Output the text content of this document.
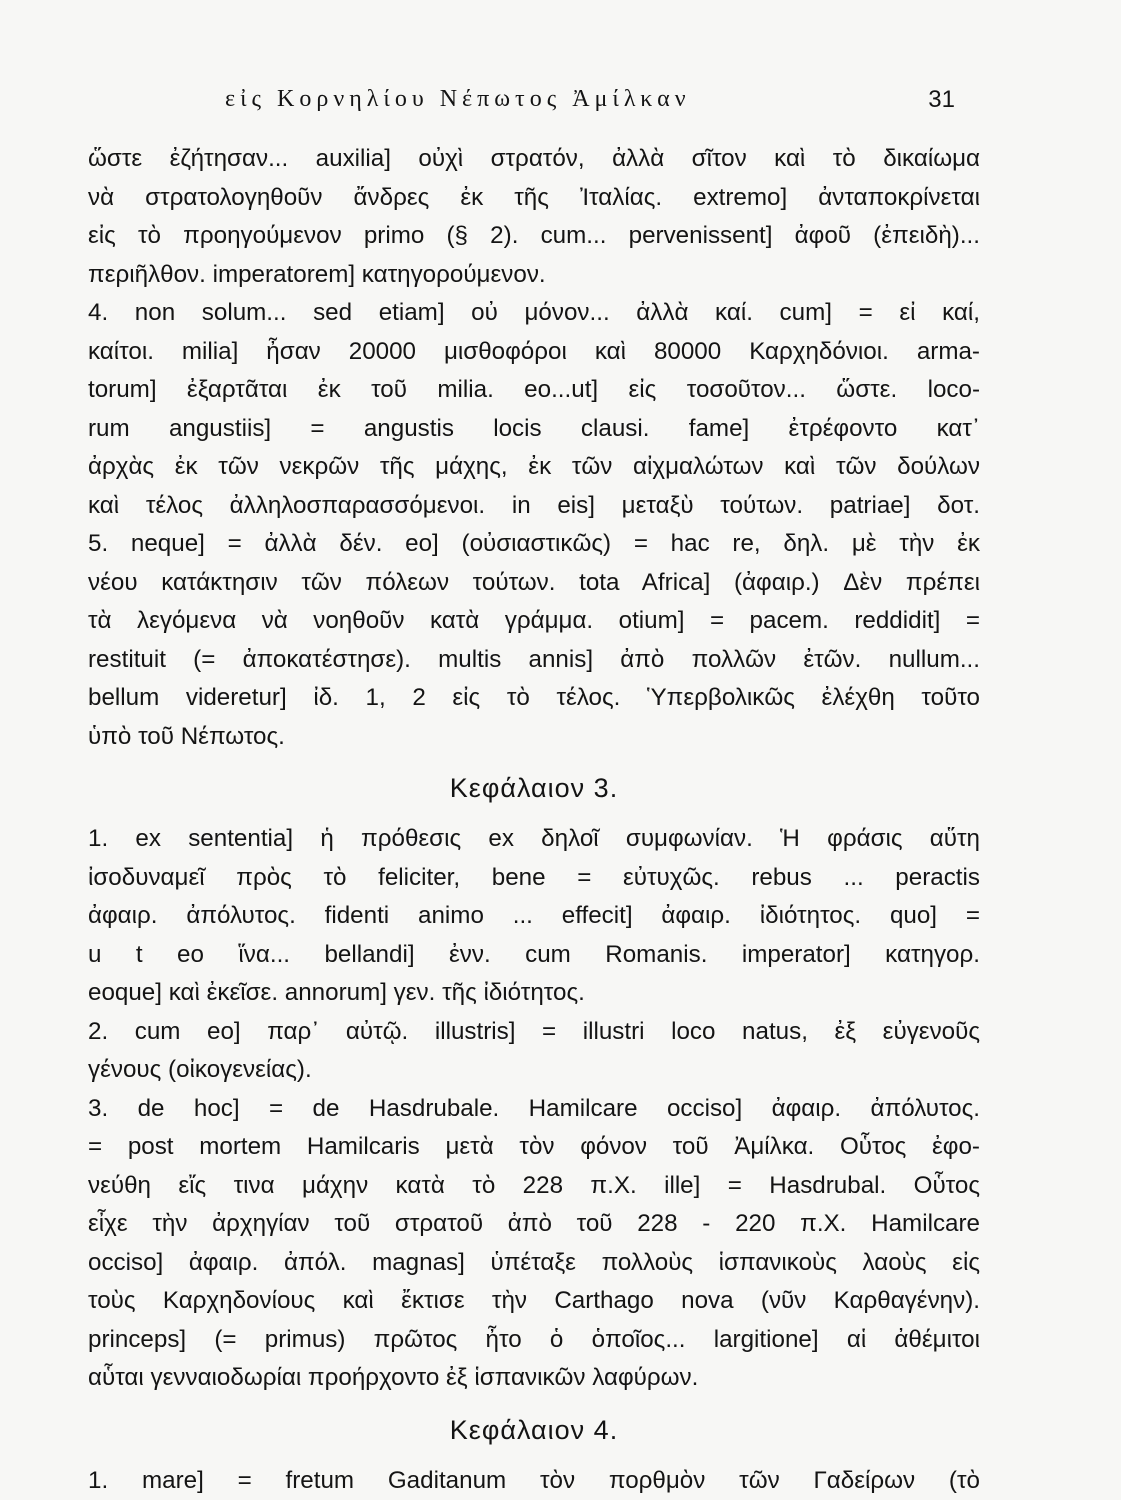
εἰς Κορνηλίου Νέπωτος Ἀμίλκαν	31
ὥστε ἐζήτησαν... auxilia] οὐχὶ στρατόν, ἀλλὰ σῖτον καὶ τὸ δικαίωμα
νὰ στρατολογηθοῦν ἄνδρες ἐκ τῆς Ἰταλίας. extremo] ἀνταποκρίνεται
εἰς τὸ προηγούμενον primo (§ 2). cum... pervenissent] ἀφοῦ (ἐπειδὴ)...
περιῆλθον. imperatorem] κατηγορούμενον.
4. non solum... sed etiam] οὐ μόνον... ἀλλὰ καί. cum] = εἰ καί,
καίτοι. milia] ἦσαν 20000 μισθοφόροι καὶ 80000 Καρχηδόνιοι. arma-
torum] ἐξαρτᾶται ἐκ τοῦ milia. eo...ut] εἰς τοσοῦτον... ὥστε. loco-
rum angustiis] = angustis locis clausi. fame] ἐτρέφοντο κατ᾽
ἀρχὰς ἐκ τῶν νεκρῶν τῆς μάχης, ἐκ τῶν αἰχμαλώτων καὶ τῶν δούλων
καὶ τέλος ἀλληλοσπαρασσόμενοι. in eis] μεταξὺ τούτων. patriae] δοτ.
5. neque] = ἀλλὰ δέν. eo] (οὐσιαστικῶς) = hac re, δηλ. μὲ τὴν ἐκ
νέου κατάκτησιν τῶν πόλεων τούτων. tota Africa] (ἀφαιρ.) Δὲν πρέπει
τὰ λεγόμενα νὰ νοηθοῦν κατὰ γράμμα. otium] = pacem. reddidit] =
restituit (= ἀποκατέστησε). multis annis] ἀπὸ πολλῶν ἐτῶν. nullum...
bellum videretur] ἰδ. 1, 2 εἰς τὸ τέλος. Ὑπερβολικῶς ἐλέχθη τοῦτο
ὑπὸ τοῦ Νέπωτος.
Κεφάλαιον 3.
1. ex sententia] ἡ πρόθεσις ex δηλοῖ συμφωνίαν. Ἡ φράσις αὕτη
ἰσοδυναμεῖ πρὸς τὸ feliciter, bene = εὐτυχῶς. rebus ... peractis
ἀφαιρ. ἀπόλυτος. fidenti animo ... effecit] ἀφαιρ. ἰδιότητος. quo] =
u t eo ἵνα... bellandi] ἐνν. cum Romanis. imperator] κατηγορ.
eoque] καὶ ἐκεῖσε. annorum] γεν. τῆς ἰδιότητος.
2. cum eo] παρ᾽ αὐτῷ. illustris] = illustri loco natus, ἐξ εὐγενοῦς
γένους (οἰκογενείας).
3. de hoc] = de Hasdrubale. Hamilcare occiso] ἀφαιρ. ἀπόλυτος.
= post mortem Hamilcaris μετὰ τὸν φόνον τοῦ Ἀμίλκα. Οὗτος ἐφο-
νεύθη εἴς τινα μάχην κατὰ τὸ 228 π.Χ. ille] = Hasdrubal. Οὗτος
εἶχε τὴν ἀρχηγίαν τοῦ στρατοῦ ἀπὸ τοῦ 228 - 220 π.Χ. Hamilcare
occiso] ἀφαιρ. ἀπόλ. magnas] ὑπέταξε πολλοὺς ἱσπανικοὺς λαοὺς εἰς
τοὺς Καρχηδονίους καὶ ἔκτισε τὴν Carthago nova (νῦν Καρθαγένην).
princeps] (= primus) πρῶτος ἦτο ὁ ὁποῖος... largitione] αἱ ἀθέμιτοι
αὗται γενναιοδωρίαι προήρχοντο ἐξ ἱσπανικῶν λαφύρων.
Κεφάλαιον 4.
1. mare] = fretum Gaditanum τὸν πορθμὸν τῶν Γαδείρων (τὸ
